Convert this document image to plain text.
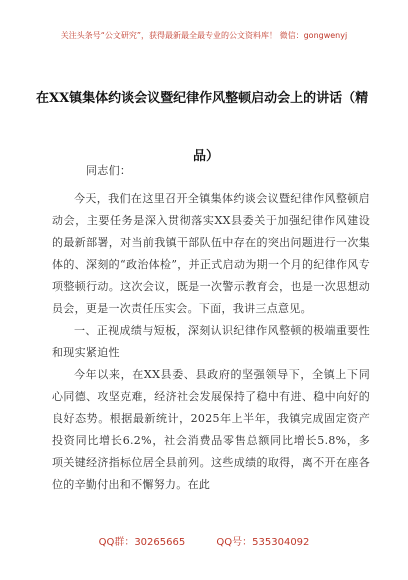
关注头条号“公文研究”，获得最新最全最专业的公文资料库！ 微信：gongwenyj
在XX镇集体约谈会议暨纪律作风整顿启动会上的讲话（精
品）

同志们：

今天，我们在这里召开全镇集体约谈会议暨纪律作风整顿启动会，主要任务是深入贯彻落实XX县委关于加强纪律作风建设的最新部署，对当前我镇干部队伍中存在的突出问题进行一次集体的、深刻的“政治体检”，并正式启动为期一个月的纪律作风专项整顿行动。这次会议，既是一次警示教育会，也是一次思想动员会，更是一次责任压实会。下面，我讲三点意见。

一、正视成绩与短板，深刻认识纪律作风整顿的极端重要性和现实紧迫性

今年以来，在XX县委、县政府的坚强领导下，全镇上下同心同德、攻坚克难，经济社会发展保持了稳中有进、稳中向好的良好态势。根据最新统计，2025年上半年，我镇完成固定资产投资同比增长6.2%，社会消费品零售总额同比增长5.8%，多项关键经济指标位居全县前列。这些成绩的取得，离不开在座各位的辛勤付出和不懈努力。在此

QQ群：30265665	QQ号：535304092
